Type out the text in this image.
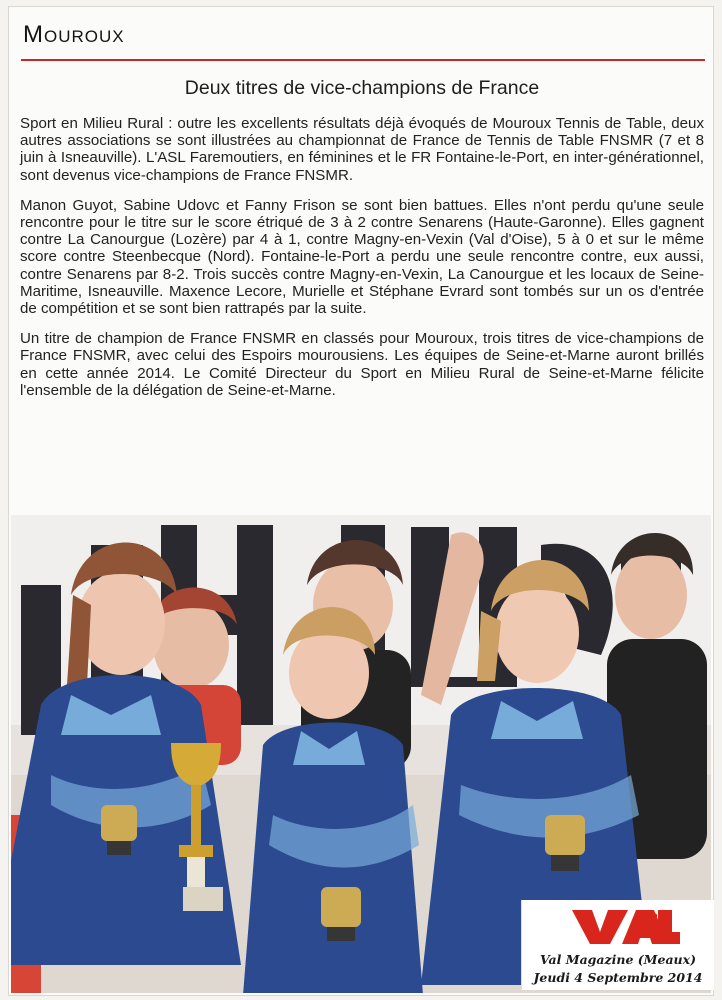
Mouroux
Deux titres de vice-champions de France

Sport en Milieu Rural : outre les excellents résultats déjà évoqués de Mouroux Tennis de Table, deux autres associations se sont illustrées au championnat de France de Tennis de Table FNSMR (7 et 8 juin à Isneauville). L'ASL Faremoutiers, en féminines et le FR Fontaine-le-Port, en inter-générationnel, sont devenus vice-champions de France FNSMR.

Manon Guyot, Sabine Udovc et Fanny Frison se sont bien battues. Elles n'ont perdu qu'une seule rencontre pour le titre sur le score étriqué de 3 à 2 contre Senarens (Haute-Garonne). Elles gagnent contre La Canourgue (Lozère) par 4 à 1, contre Magny-en-Vexin (Val d'Oise), 5 à 0 et sur le même score contre Steenbecque (Nord). Fontaine-le-Port a perdu une seule rencontre contre, eux aussi, contre Senarens par 8-2. Trois succès contre Magny-en-Vexin, La Canourgue et les locaux de Seine-Maritime, Isneauville. Maxence Lecore, Murielle et Stéphane Evrard sont tombés sur un os d'entrée de compétition et se sont bien rattrapés par la suite.

Un titre de champion de France FNSMR en classés pour Mouroux, trois titres de vice-champions de France FNSMR, avec celui des Espoirs mourousiens. Les équipes de Seine-et-Marne auront brillés en cette année 2014. Le Comité Directeur du Sport en Milieu Rural de Seine-et-Marne félicite l'ensemble de la délégation de Seine-et-Marne.

.com
Val Magazine (Meaux)
Jeudi 4 Septembre 2014
